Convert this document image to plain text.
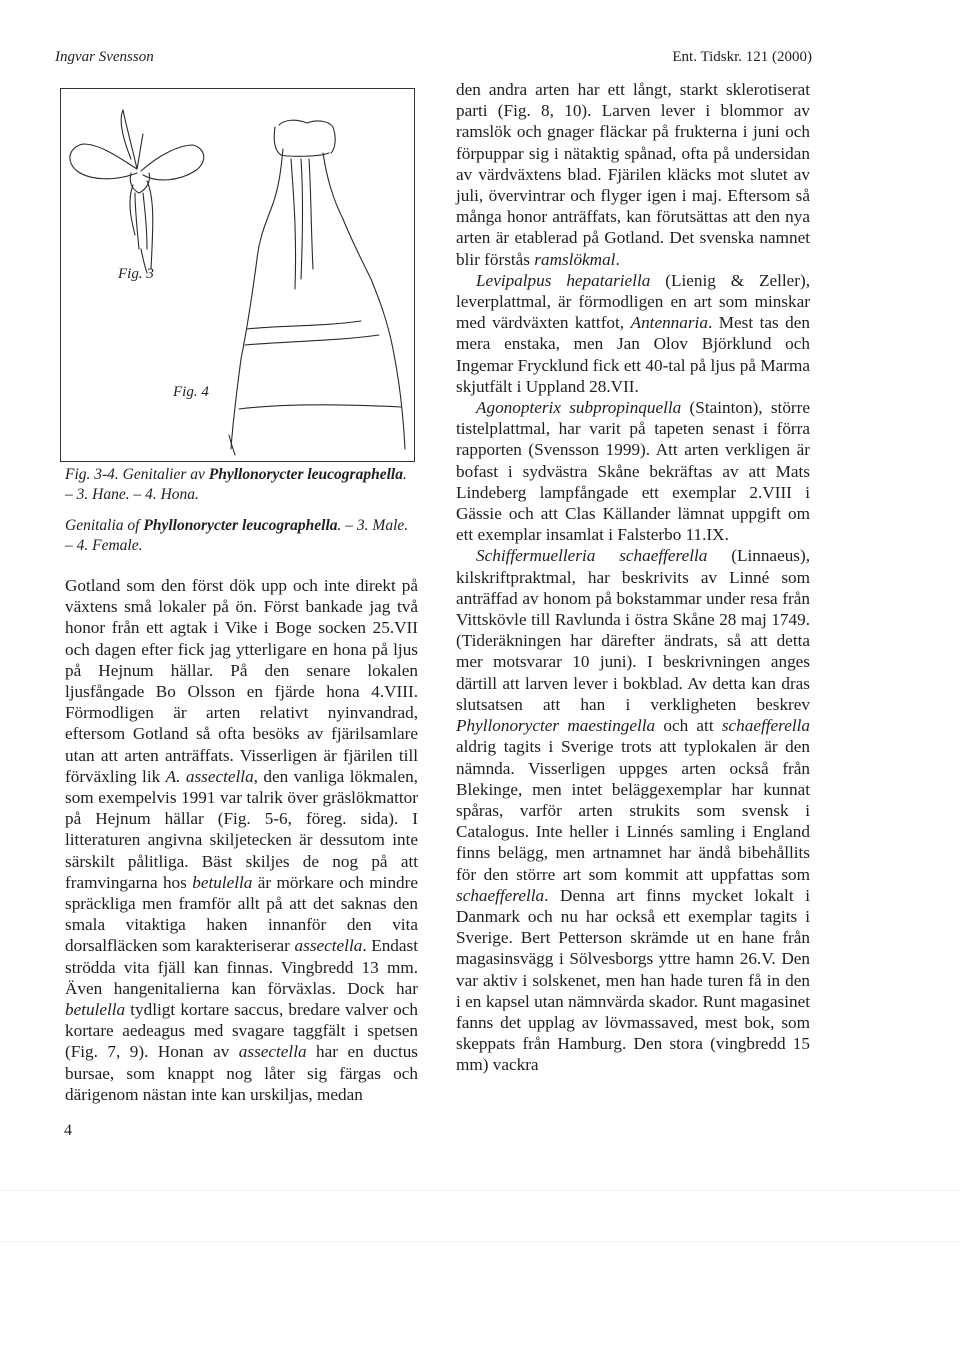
Ingvar Svensson	Ent. Tidskr. 121 (2000)
Fig. 3
Fig. 4
Fig. 3-4. Genitalier av Phyllonorycter leucographella. – 3. Hane. – 4. Hona.
Genitalia of Phyllonorycter leucographella. – 3. Male. – 4. Female.

Gotland som den först dök upp och inte direkt på växtens små lokaler på ön. Först bankade jag två honor från ett agtak i Vike i Boge socken 25.VII och dagen efter fick jag ytterligare en hona på ljus på Hejnum hällar. På den senare lokalen ljusfångade Bo Olsson en fjärde hona 4.VIII. Förmodligen är arten relativt nyinvandrad, eftersom Gotland så ofta besöks av fjärilsamlare utan att arten anträffats. Visserligen är fjärilen till förväxling lik A. assectella, den vanliga lökmalen, som exempelvis 1991 var talrik över gräslökmattor på Hejnum hällar (Fig. 5-6, föreg. sida). I litteraturen angivna skiljetecken är dessutom inte särskilt pålitliga. Bäst skiljes de nog på att framvingarna hos betulella är mörkare och mindre spräckliga men framför allt på att det saknas den smala vitaktiga haken innanför den vita dorsalfläcken som karakteriserar assectella. Endast strödda vita fjäll kan finnas. Vingbredd 13 mm. Även hangenitalierna kan förväxlas. Dock har betulella tydligt kortare saccus, bredare valver och kortare aedeagus med svagare taggfält i spetsen (Fig. 7, 9). Honan av assectella har en ductus bursae, som knappt nog låter sig färgas och därigenom nästan inte kan urskiljas, medan

den andra arten har ett långt, starkt sklerotiserat parti (Fig. 8, 10). Larven lever i blommor av ramslök och gnager fläckar på frukterna i juni och förpuppar sig i nätaktig spånad, ofta på undersidan av värdväxtens blad. Fjärilen kläcks mot slutet av juli, övervintrar och flyger igen i maj. Eftersom så många honor anträffats, kan förutsättas att den nya arten är etablerad på Gotland. Det svenska namnet blir förstås ramslökmal.

Levipalpus hepatariella (Lienig & Zeller), leverplattmal, är förmodligen en art som minskar med värdväxten kattfot, Antennaria. Mest tas den mera enstaka, men Jan Olov Björklund och Ingemar Frycklund fick ett 40-tal på ljus på Marma skjutfält i Uppland 28.VII.

Agonopterix subpropinquella (Stainton), större tistelplattmal, har varit på tapeten senast i förra rapporten (Svensson 1999). Att arten verkligen är bofast i sydvästra Skåne bekräftas av att Mats Lindeberg lampfångade ett exemplar 2.VIII i Gässie och att Clas Källander lämnat uppgift om ett exemplar insamlat i Falsterbo 11.IX.

Schiffermuelleria schaefferella (Linnaeus), kilskriftpraktmal, har beskrivits av Linné som anträffad av honom på bokstammar under resa från Vittskövle till Ravlunda i östra Skåne 28 maj 1749. (Tideräkningen har därefter ändrats, så att detta mer motsvarar 10 juni). I beskrivningen anges därtill att larven lever i bokblad. Av detta kan dras slutsatsen att han i verkligheten beskrev Phyllonorycter maestingella och att schaefferella aldrig tagits i Sverige trots att typlokalen är den nämnda. Visserligen uppges arten också från Blekinge, men intet beläggexemplar har kunnat spåras, varför arten strukits som svensk i Catalogus. Inte heller i Linnés samling i England finns belägg, men artnamnet har ändå bibehållits för den större art som kommit att uppfattas som schaefferella. Denna art finns mycket lokalt i Danmark och nu har också ett exemplar tagits i Sverige. Bert Petterson skrämde ut en hane från magasinsvägg i Sölvesborgs yttre hamn 26.V. Den var aktiv i solskenet, men han hade turen få in den i en kapsel utan nämnvärda skador. Runt magasinet fanns det upplag av lövmassaved, mest bok, som skeppats från Hamburg. Den stora (vingbredd 15 mm) vackra

4
